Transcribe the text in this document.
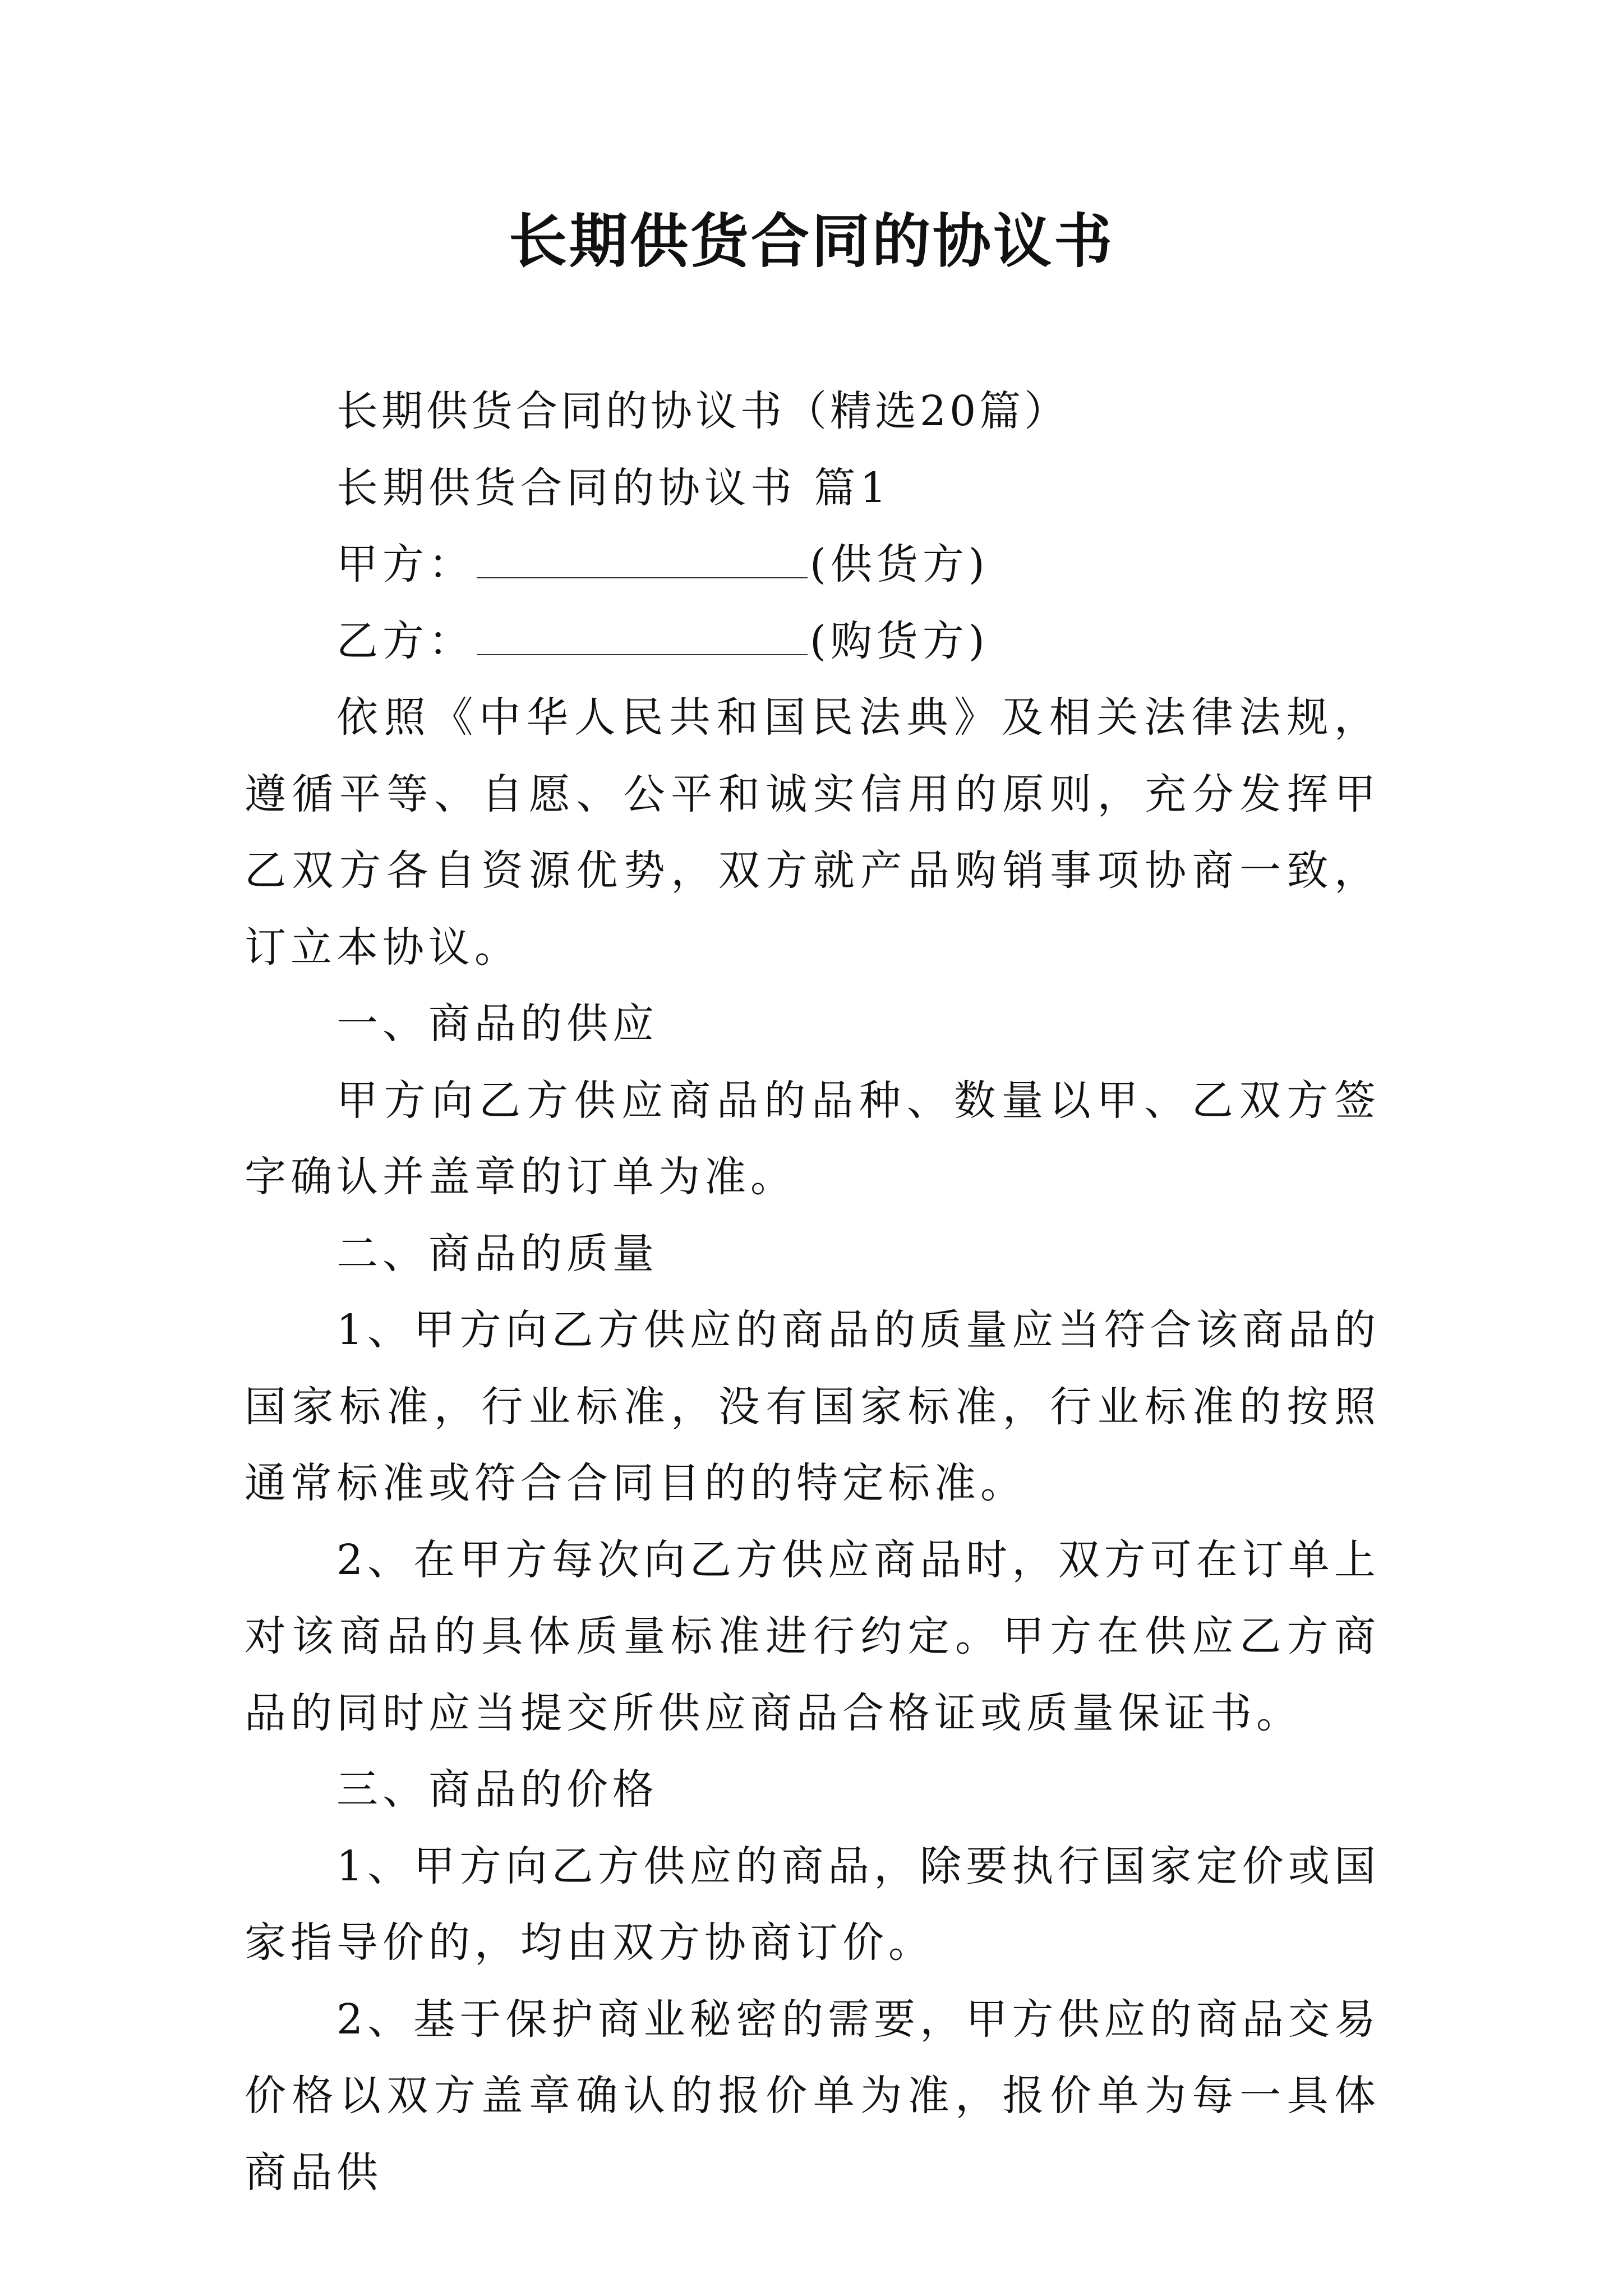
长期供货合同的协议书

长期供货合同的协议书（精选20篇）

长期供货合同的协议书 篇1

甲方：	(供货方)

乙方：	(购货方)

依照《中华人民共和国民法典》及相关法律法规，遵循平等、自愿、公平和诚实信用的原则，充分发挥甲乙双方各自资源优势，双方就产品购销事项协商一致，订立本协议。

一、商品的供应

甲方向乙方供应商品的品种、数量以甲、乙双方签字确认并盖章的订单为准。

二、商品的质量

1、甲方向乙方供应的商品的质量应当符合该商品的国家标准，行业标准，没有国家标准，行业标准的按照通常标准或符合合同目的的特定标准。

2、在甲方每次向乙方供应商品时，双方可在订单上对该商品的具体质量标准进行约定。甲方在供应乙方商品的同时应当提交所供应商品合格证或质量保证书。

三、商品的价格

1、甲方向乙方供应的商品，除要执行国家定价或国家指导价的，均由双方协商订价。

2、基于保护商业秘密的需要，甲方供应的商品交易价格以双方盖章确认的报价单为准，报价单为每一具体商品供
